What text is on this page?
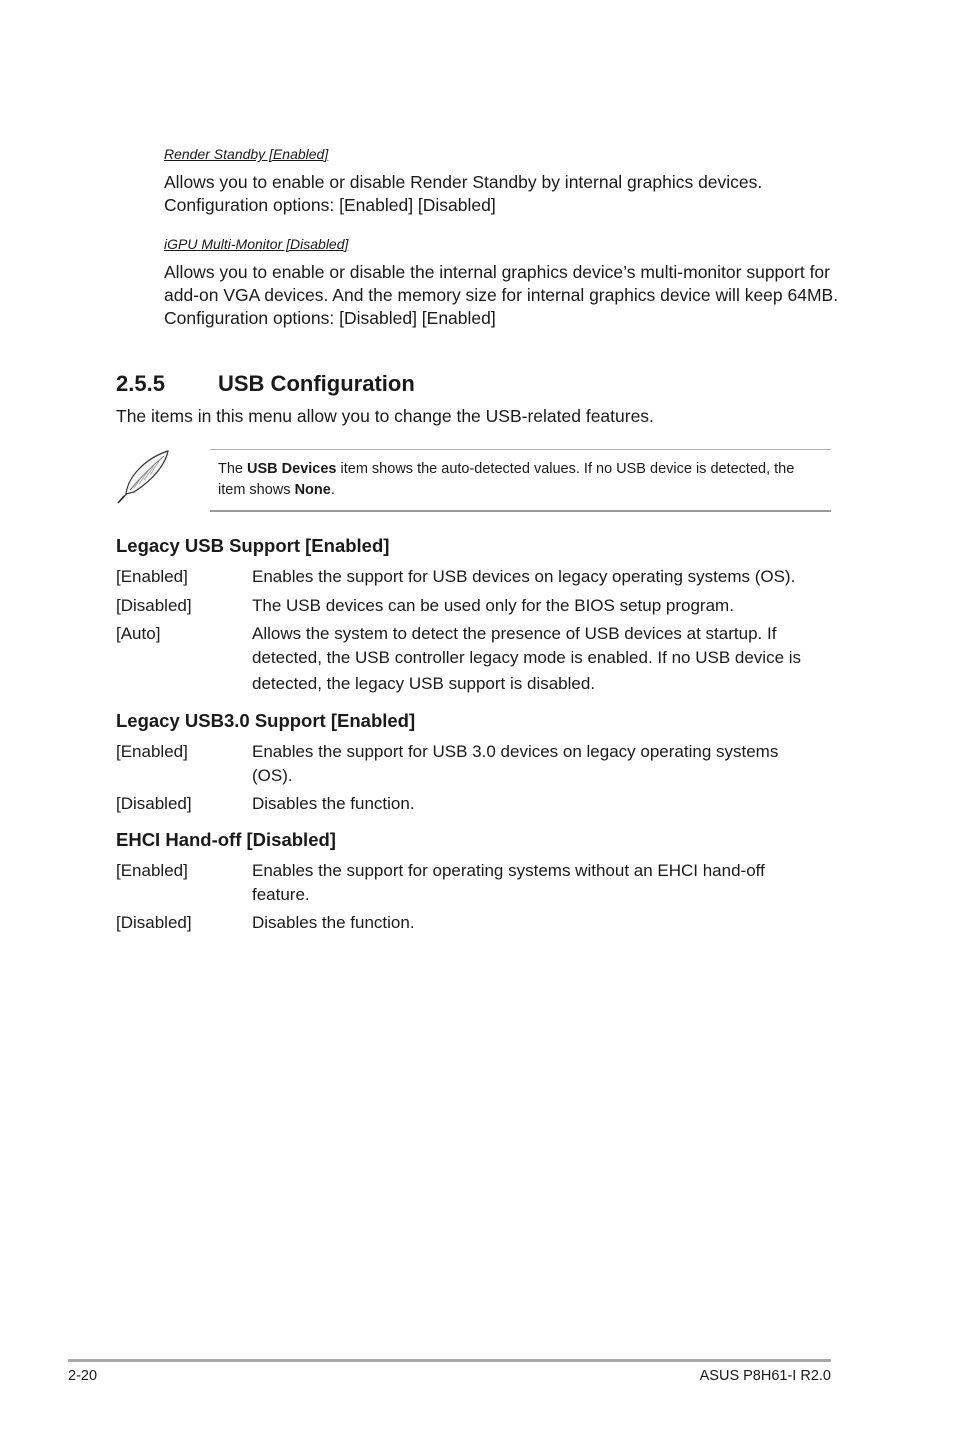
Render Standby [Enabled]
Allows you to enable or disable Render Standby by internal graphics devices.
Configuration options: [Enabled] [Disabled]
iGPU Multi-Monitor [Disabled]
Allows you to enable or disable the internal graphics device’s multi-monitor support for
add-on VGA devices. And the memory size for internal graphics device will keep 64MB.
Configuration options: [Disabled] [Enabled]
2.5.5 USB Configuration
The items in this menu allow you to change the USB-related features.
The USB Devices item shows the auto-detected values. If no USB device is detected, the
item shows None.
Legacy USB Support [Enabled]
[Enabled]	Enables the support for USB devices on legacy operating systems (OS).
[Disabled]	The USB devices can be used only for the BIOS setup program.
[Auto]	Allows the system to detect the presence of USB devices at startup. If
detected, the USB controller legacy mode is enabled. If no USB device is
detected, the legacy USB support is disabled.
Legacy USB3.0 Support [Enabled]
[Enabled]	Enables the support for USB 3.0 devices on legacy operating systems
(OS).
[Disabled]	Disables the function.
EHCI Hand-off [Disabled]
[Enabled]	Enables the support for operating systems without an EHCI hand-off
feature.
[Disabled]	Disables the function.
2-20	ASUS P8H61-I R2.0
